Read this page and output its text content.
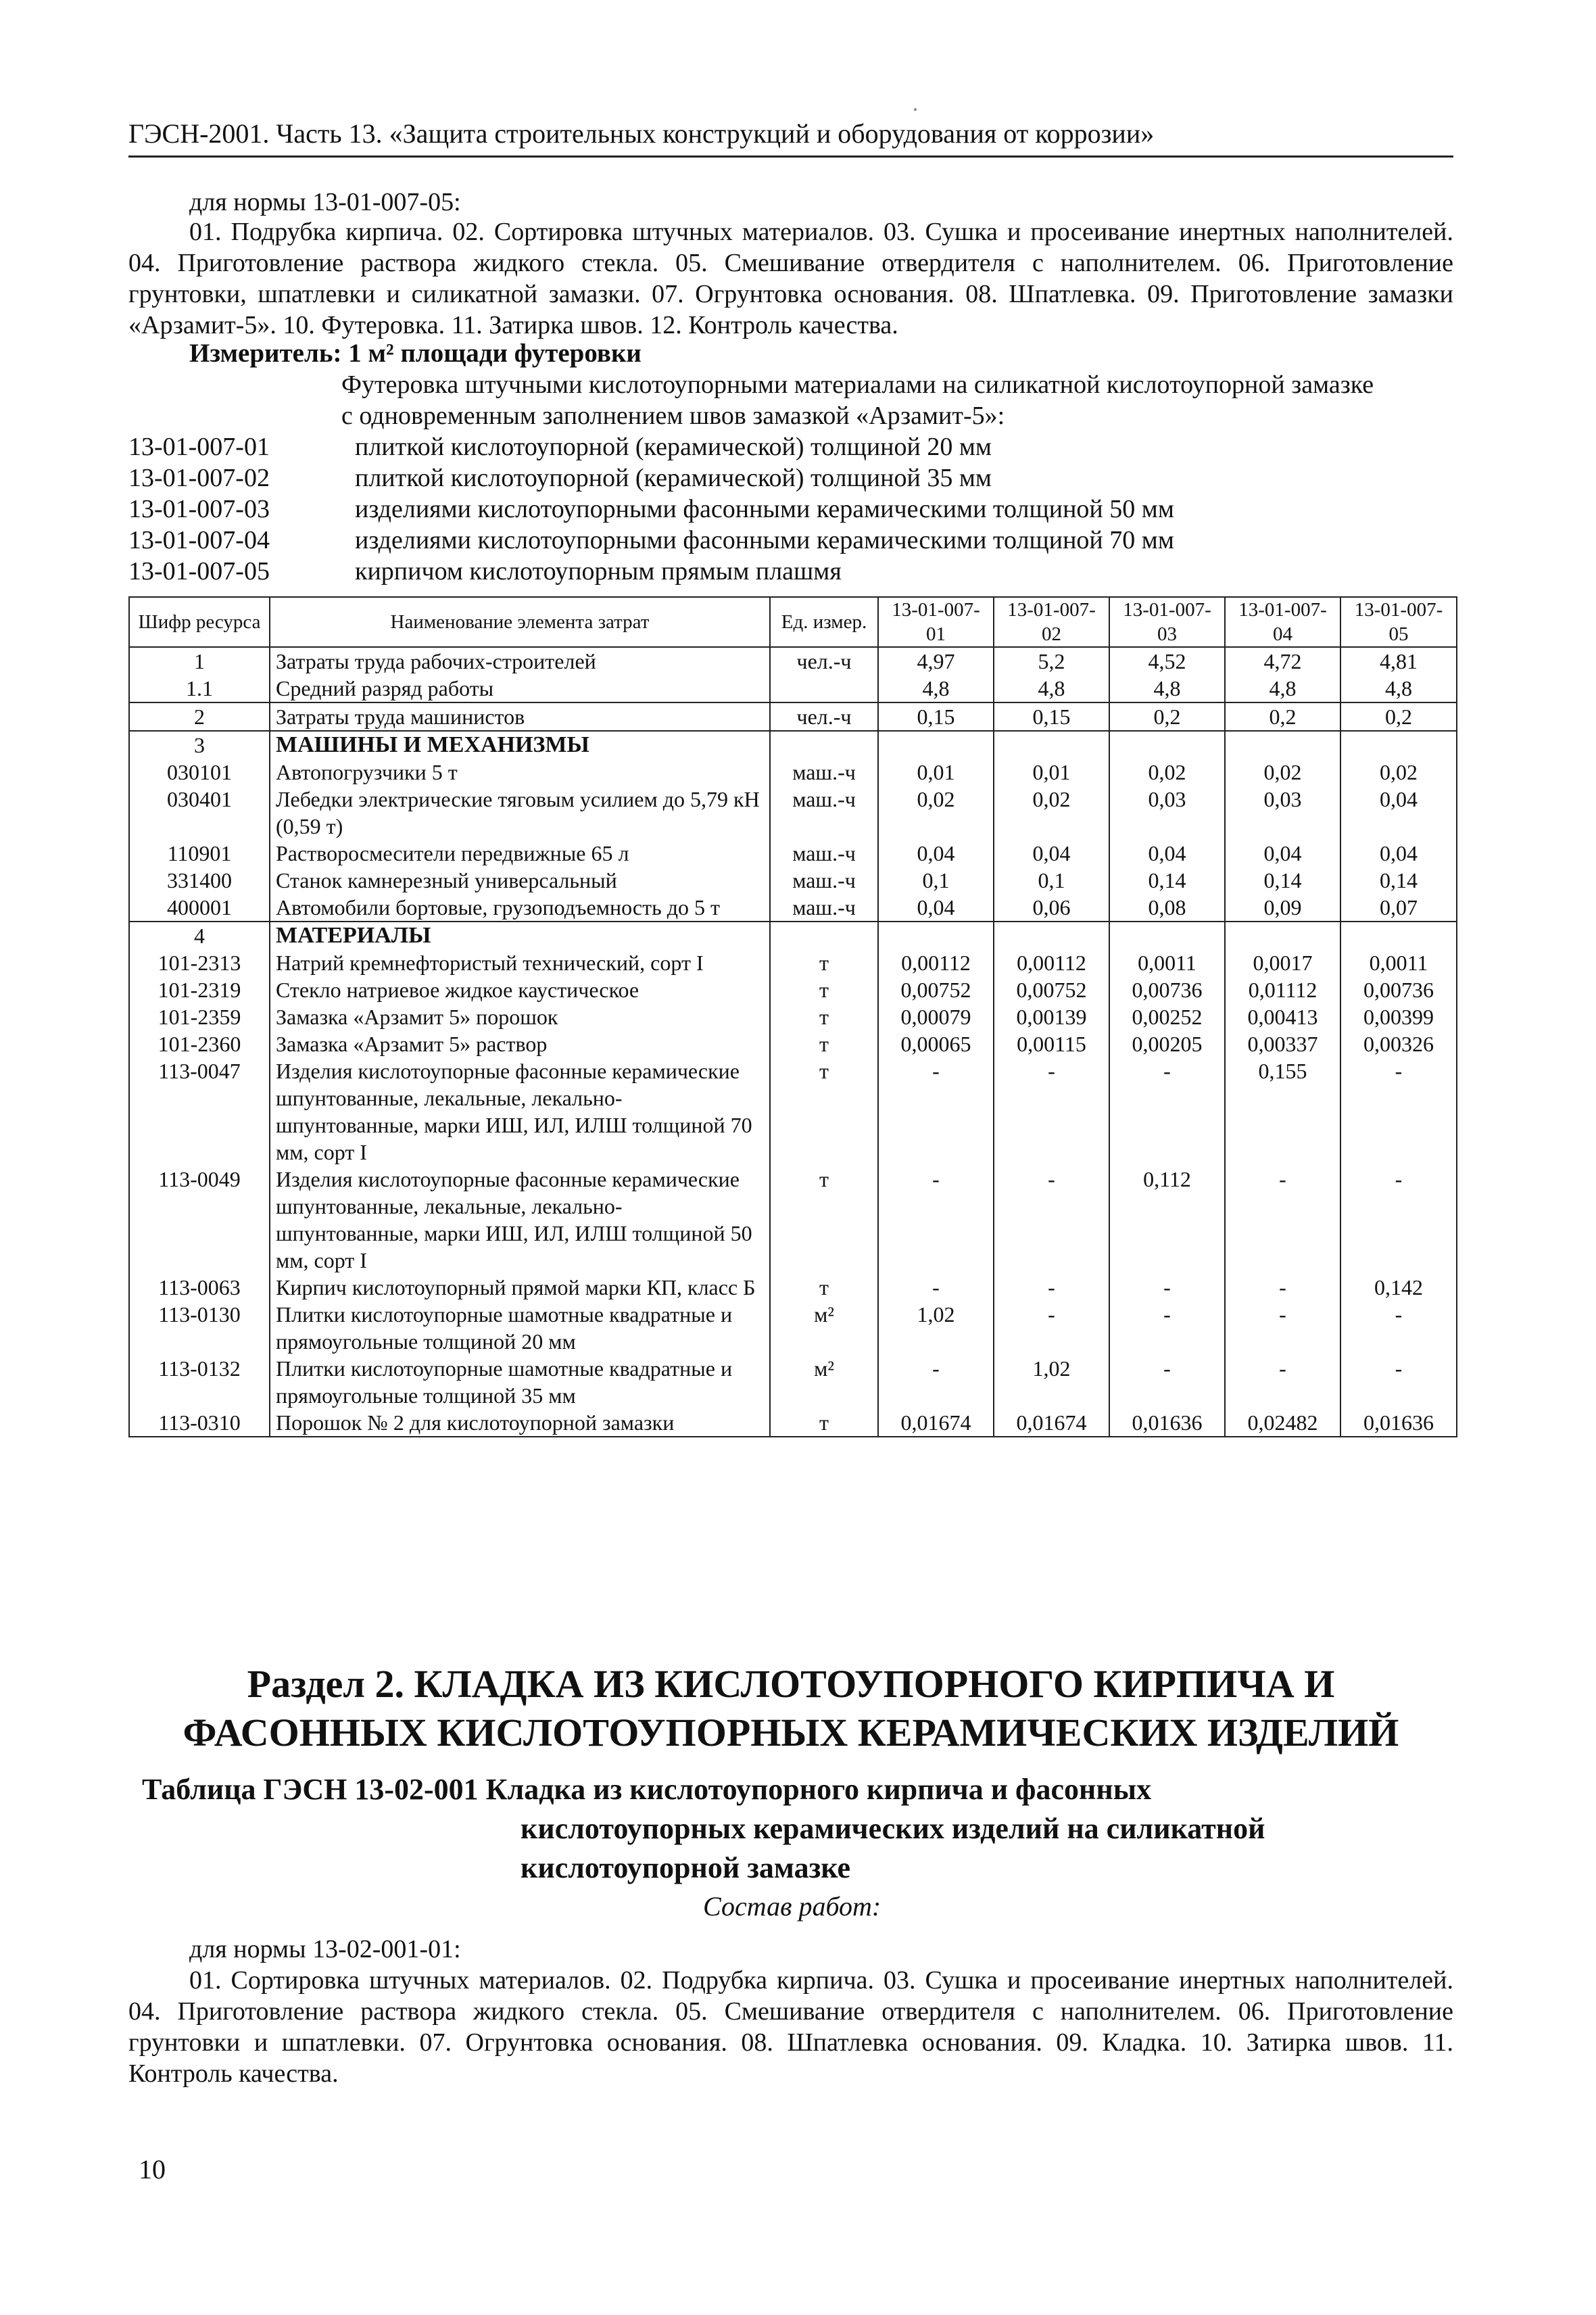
ГЭСН-2001. Часть 13. «Защита строительных конструкций и оборудования от коррозии»
для нормы 13-01-007-05:
01. Подрубка кирпича. 02. Сортировка штучных материалов. 03. Сушка и просеивание инертных наполнителей. 04. Приготовление раствора жидкого стекла. 05. Смешивание отвердителя с наполнителем. 06. Приготовление грунтовки, шпатлевки и силикатной замазки. 07. Огрунтовка основания. 08. Шпатлевка. 09. Приготовление замазки «Арзамит-5». 10. Футеровка. 11. Затирка швов. 12. Контроль качества.
Измеритель: 1 м² площади футеровки
Футеровка штучными кислотоупорными материалами на силикатной кислотоупорной замазке
с одновременным заполнением швов замазкой «Арзамит-5»:
13-01-007-01	плиткой кислотоупорной (керамической) толщиной 20 мм
13-01-007-02	плиткой кислотоупорной (керамической) толщиной 35 мм
13-01-007-03	изделиями кислотоупорными фасонными керамическими толщиной 50 мм
13-01-007-04	изделиями кислотоупорными фасонными керамическими толщиной 70 мм
13-01-007-05	кирпичом кислотоупорным прямым плашмя
Шифр ресурса	Наименование элемента затрат	Ед. измер.	13-01-007-01	13-01-007-02	13-01-007-03	13-01-007-04	13-01-007-05
1	Затраты труда рабочих-строителей	чел.-ч	4,97	5,2	4,52	4,72	4,81
1.1	Средний разряд работы		4,8	4,8	4,8	4,8	4,8
2	Затраты труда машинистов	чел.-ч	0,15	0,15	0,2	0,2	0,2
3	МАШИНЫ И МЕХАНИЗМЫ						
030101	Автопогрузчики 5 т	маш.-ч	0,01	0,01	0,02	0,02	0,02
030401	Лебедки электрические тяговым усилием до 5,79 кН (0,59 т)	маш.-ч	0,02	0,02	0,03	0,03	0,04
110901	Растворосмесители передвижные 65 л	маш.-ч	0,04	0,04	0,04	0,04	0,04
331400	Станок камнерезный универсальный	маш.-ч	0,1	0,1	0,14	0,14	0,14
400001	Автомобили бортовые, грузоподъемность до 5 т	маш.-ч	0,04	0,06	0,08	0,09	0,07
4	МАТЕРИАЛЫ						
101-2313	Натрий кремнефтористый технический, сорт I	т	0,00112	0,00112	0,0011	0,0017	0,0011
101-2319	Стекло натриевое жидкое каустическое	т	0,00752	0,00752	0,00736	0,01112	0,00736
101-2359	Замазка «Арзамит 5» порошок	т	0,00079	0,00139	0,00252	0,00413	0,00399
101-2360	Замазка «Арзамит 5» раствор	т	0,00065	0,00115	0,00205	0,00337	0,00326
113-0047	Изделия кислотоупорные фасонные керамические шпунтованные, лекальные, лекально-шпунтованные, марки ИШ, ИЛ, ИЛШ толщиной 70 мм, сорт I	т	-	-	-	0,155	-
113-0049	Изделия кислотоупорные фасонные керамические шпунтованные, лекальные, лекально-шпунтованные, марки ИШ, ИЛ, ИЛШ толщиной 50 мм, сорт I	т	-	-	0,112	-	-
113-0063	Кирпич кислотоупорный прямой марки КП, класс Б	т	-	-	-	-	0,142
113-0130	Плитки кислотоупорные шамотные квадратные и прямоугольные толщиной 20 мм	м²	1,02	-	-	-	-
113-0132	Плитки кислотоупорные шамотные квадратные и прямоугольные толщиной 35 мм	м²	-	1,02	-	-	-
113-0310	Порошок № 2 для кислотоупорной замазки	т	0,01674	0,01674	0,01636	0,02482	0,01636
Раздел 2. КЛАДКА ИЗ КИСЛОТОУПОРНОГО КИРПИЧА И
ФАСОННЫХ КИСЛОТОУПОРНЫХ КЕРАМИЧЕСКИХ ИЗДЕЛИЙ
Таблица ГЭСН 13-02-001 Кладка из кислотоупорного кирпича и фасонных
кислотоупорных керамических изделий на силикатной
кислотоупорной замазке
Состав работ:
для нормы 13-02-001-01:
01. Сортировка штучных материалов. 02. Подрубка кирпича. 03. Сушка и просеивание инертных наполнителей. 04. Приготовление раствора жидкого стекла. 05. Смешивание отвердителя с наполнителем. 06. Приготовление грунтовки и шпатлевки. 07. Огрунтовка основания. 08. Шпатлевка основания. 09. Кладка. 10. Затирка швов. 11. Контроль качества.
10
